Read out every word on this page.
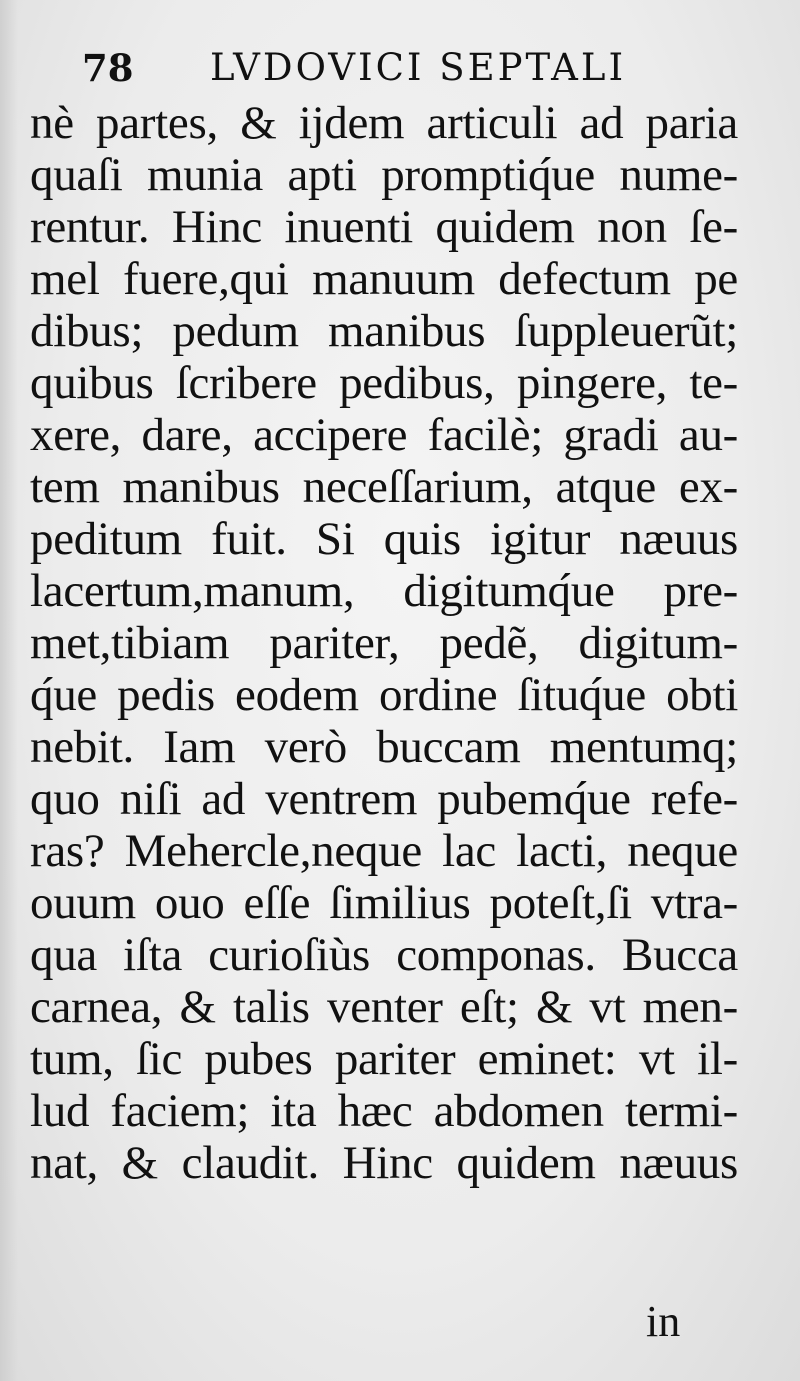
78 LVDOVICI SEPTALI
nè partes, & ijdem articuli ad paria
quaſi munia apti promptiq́ue nume-
rentur. Hinc inuenti quidem non ſe-
mel fuere,qui manuum defectum pe
dibus; pedum manibus ſuppleuerũt;
quibus ſcribere pedibus, pingere, te-
xere, dare, accipere facilè; gradi au-
tem manibus neceſſarium, atque ex-
peditum fuit. Si quis igitur næuus
lacertum,manum, digitumq́ue pre-
met,tibiam pariter, pedẽ, digitum-
q́ue pedis eodem ordine ſituq́ue obti
nebit. Iam verò buccam mentumq;
quo niſi ad ventrem pubemq́ue refe-
ras? Mehercle,neque lac lacti, neque
ouum ouo eſſe ſimilius poteſt,ſi vtra-
qua iſta curioſiùs componas. Bucca
carnea, & talis venter eſt; & vt men-
tum, ſic pubes pariter eminet: vt il-
lud faciem; ita hæc abdomen termi-
nat, & claudit. Hinc quidem næuus
in
